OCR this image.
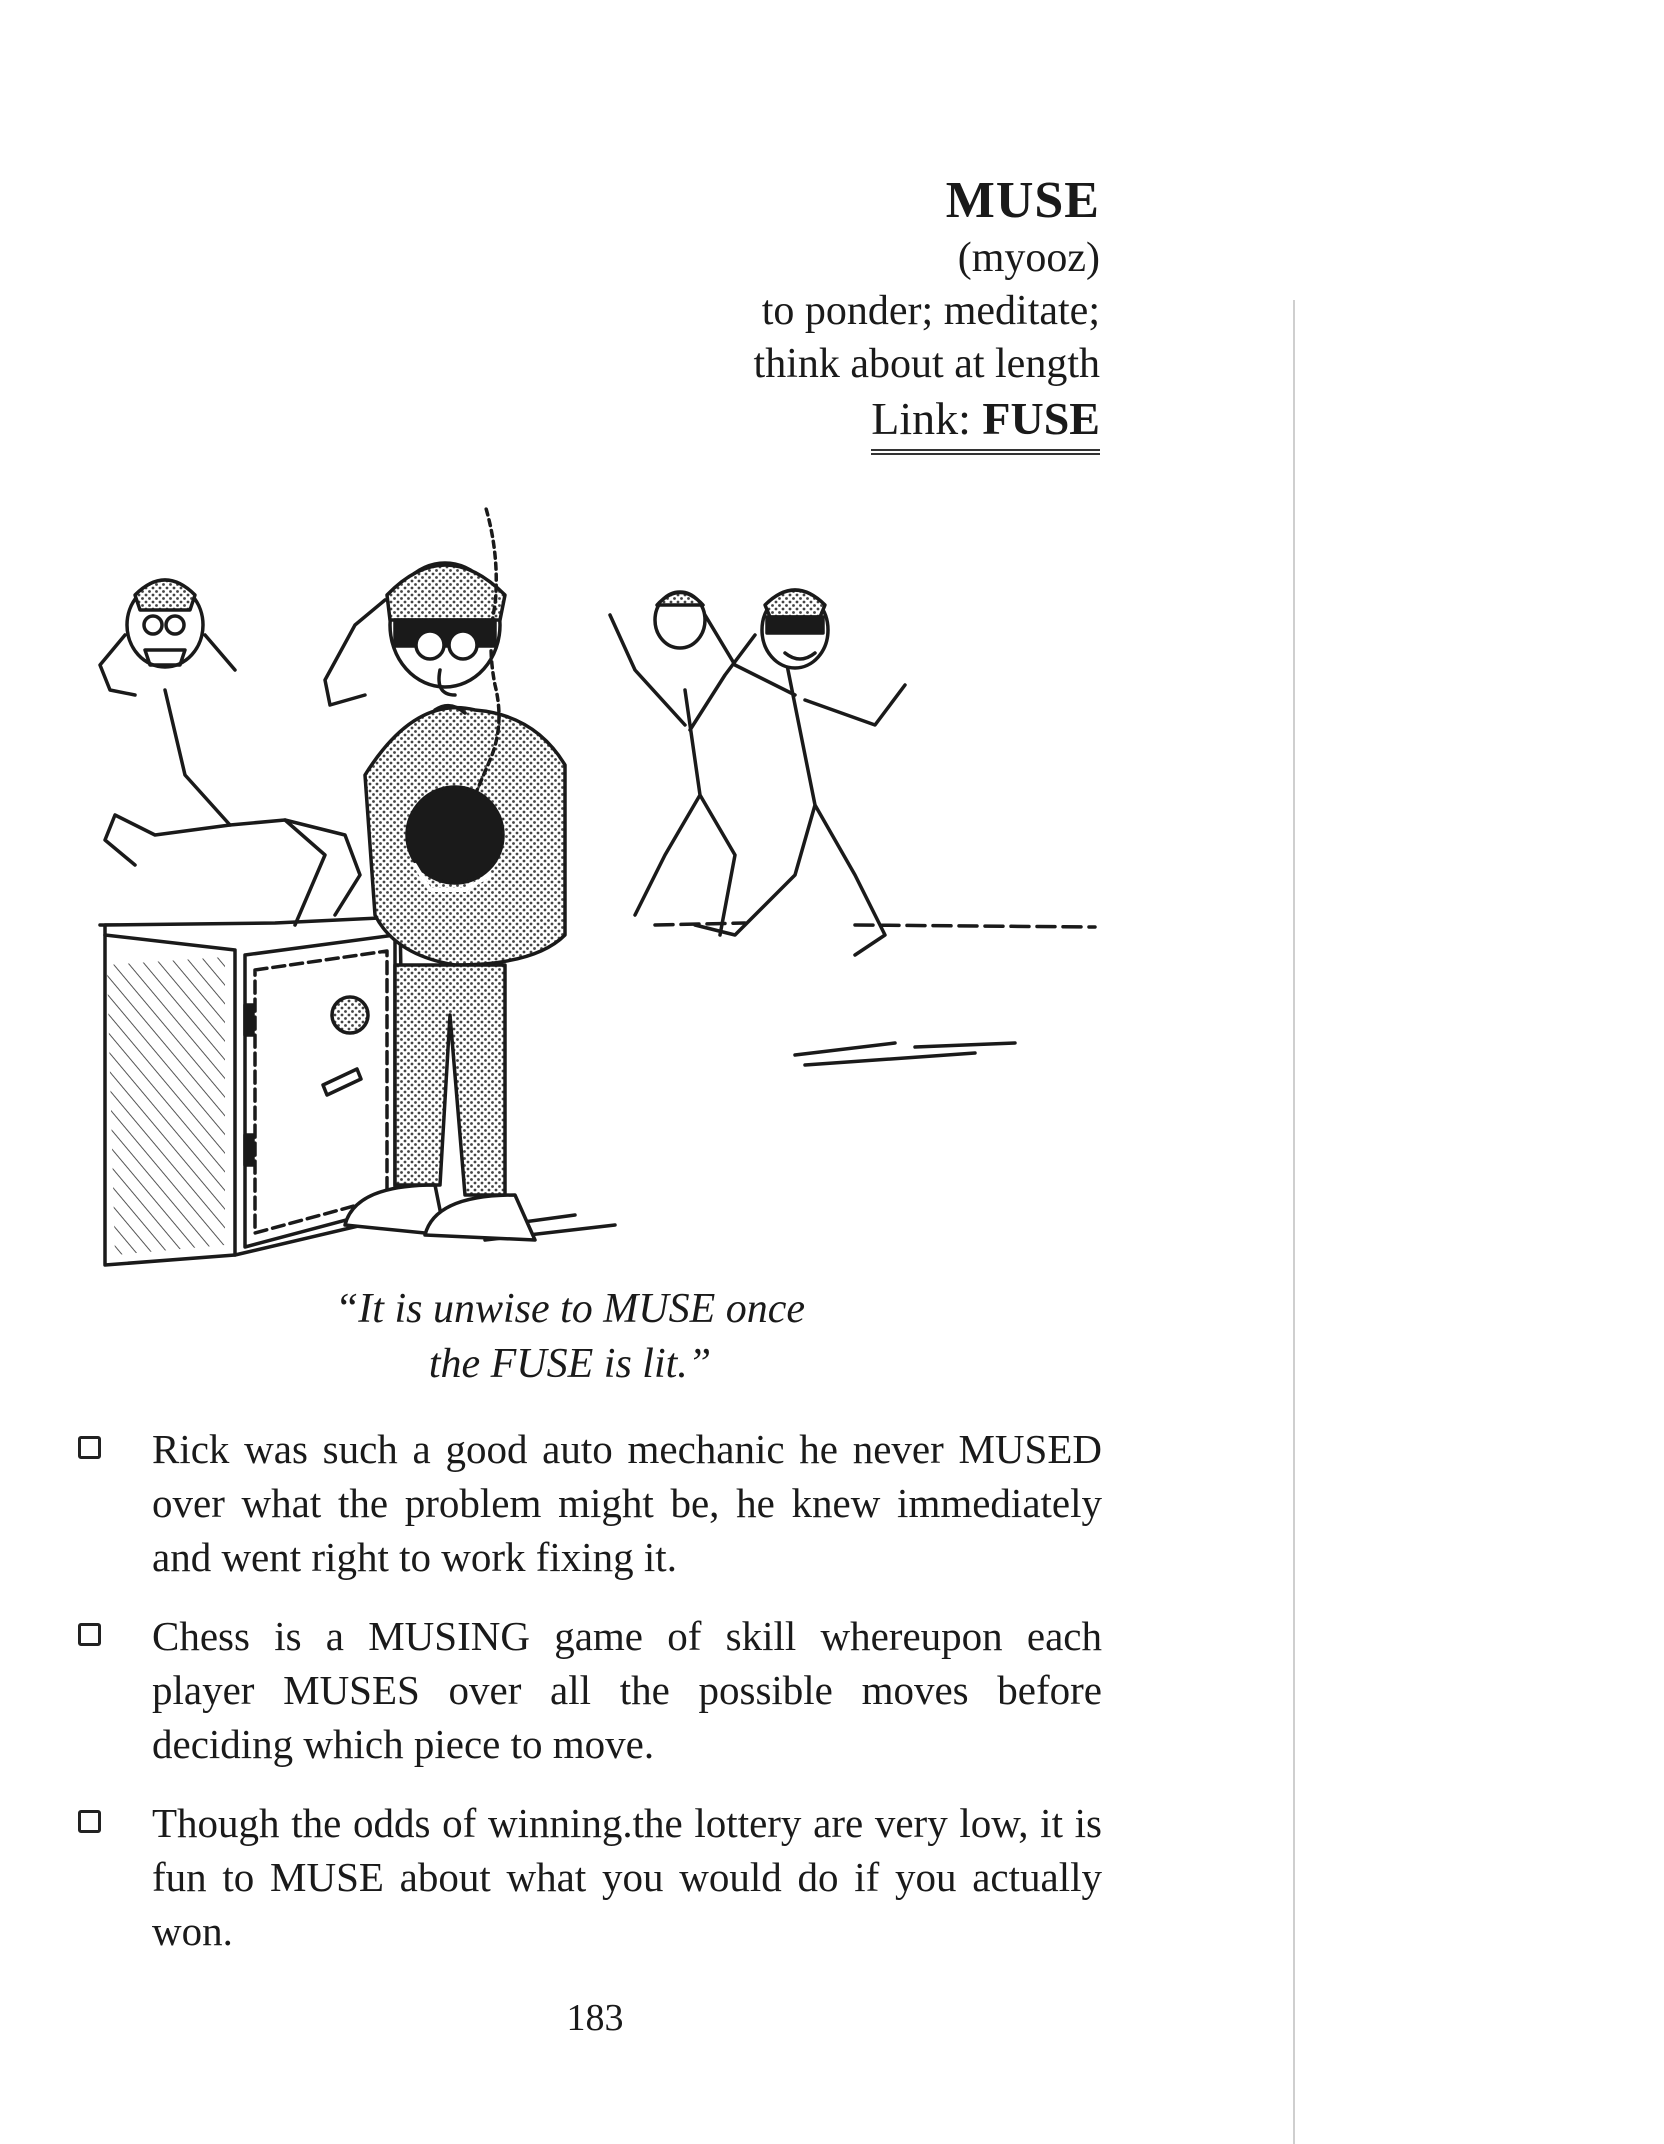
MUSE
(myooz)
to ponder; meditate;
think about at length
Link: FUSE
“It is unwise to MUSE once
the FUSE is lit.”
Rick was such a good auto mechanic he never MUSED over what the problem might be, he knew immediately and went right to work fixing it.
Chess is a MUSING game of skill whereupon each player MUSES over all the possible moves before deciding which piece to move.
Though the odds of winning.the lottery are very low, it is fun to MUSE about what you would do if you actually won.
183
